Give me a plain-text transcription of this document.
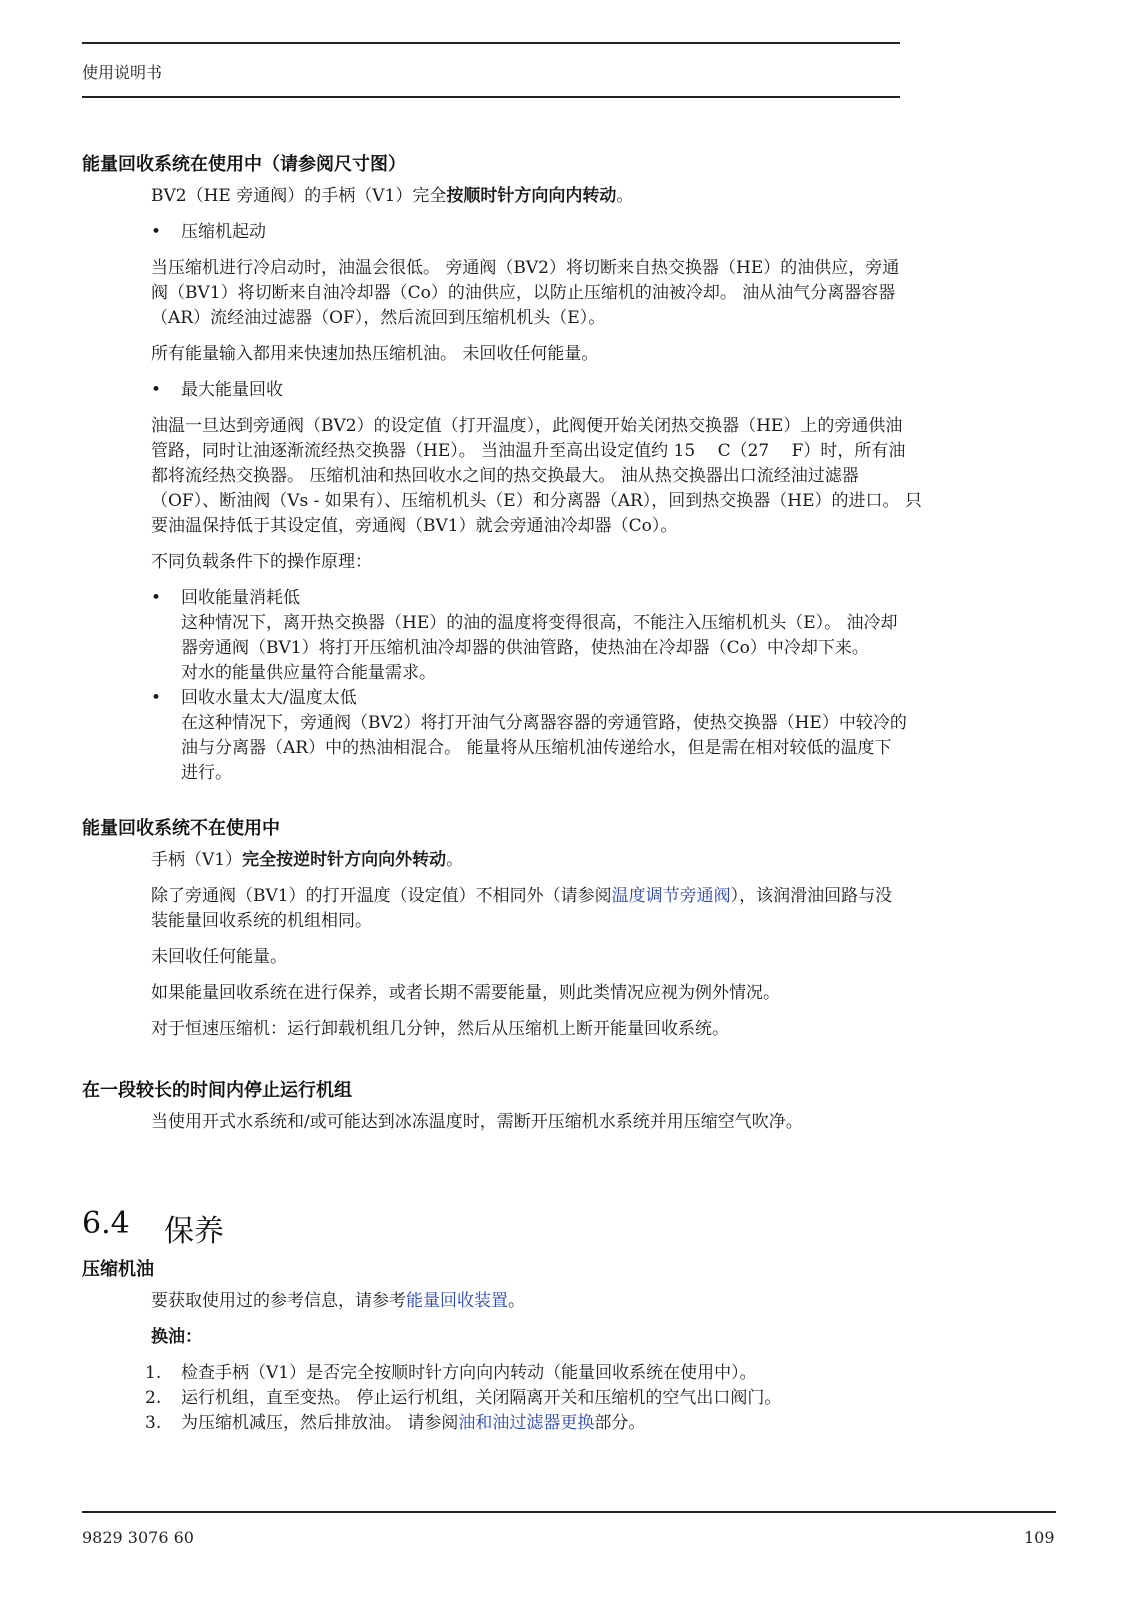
使用说明书
能量回收系统在使用中（请参阅尺寸图）
BV2（HE 旁通阀）的手柄（V1）完全按顺时针方向向内转动。
• 压缩机起动
当压缩机进行冷启动时，油温会很低。 旁通阀（BV2）将切断来自热交换器（HE）的油供应，旁通
阀（BV1）将切断来自油冷却器（Co）的油供应，以防止压缩机的油被冷却。 油从油气分离器容器
（AR）流经油过滤器（OF），然后流回到压缩机机头（E）。
所有能量输入都用来快速加热压缩机油。 未回收任何能量。
• 最大能量回收
油温一旦达到旁通阀（BV2）的设定值（打开温度），此阀便开始关闭热交换器（HE）上的旁通供油
管路，同时让油逐渐流经热交换器（HE）。 当油温升至高出设定值约 15 　C（27　 F）时，所有油
都将流经热交换器。 压缩机油和热回收水之间的热交换最大。 油从热交换器出口流经油过滤器
（OF）、断油阀（Vs - 如果有）、压缩机机头（E）和分离器（AR），回到热交换器（HE）的进口。 只
要油温保持低于其设定值，旁通阀（BV1）就会旁通油冷却器（Co）。
不同负载条件下的操作原理：
• 回收能量消耗低
这种情况下，离开热交换器（HE）的油的温度将变得很高，不能注入压缩机机头（E）。 油冷却
器旁通阀（BV1）将打开压缩机油冷却器的供油管路，使热油在冷却器（Co）中冷却下来。
对水的能量供应量符合能量需求。
• 回收水量太大/温度太低
在这种情况下，旁通阀（BV2）将打开油气分离器容器的旁通管路，使热交换器（HE）中较冷的
油与分离器（AR）中的热油相混合。 能量将从压缩机油传递给水，但是需在相对较低的温度下
进行。
能量回收系统不在使用中
手柄（V1）完全按逆时针方向向外转动。
除了旁通阀（BV1）的打开温度（设定值）不相同外（请参阅温度调节旁通阀），该润滑油回路与没
装能量回收系统的机组相同。
未回收任何能量。
如果能量回收系统在进行保养，或者长期不需要能量，则此类情况应视为例外情况。
对于恒速压缩机：运行卸载机组几分钟，然后从压缩机上断开能量回收系统。
在一段较长的时间内停止运行机组
当使用开式水系统和/或可能达到冰冻温度时，需断开压缩机水系统并用压缩空气吹净。
6.4 保养
压缩机油
要获取使用过的参考信息，请参考能量回收装置。
换油：
1. 检查手柄（V1）是否完全按顺时针方向向内转动（能量回收系统在使用中）。
2. 运行机组，直至变热。 停止运行机组，关闭隔离开关和压缩机的空气出口阀门。
3. 为压缩机减压，然后排放油。 请参阅油和油过滤器更换部分。
9829 3076 60	109
